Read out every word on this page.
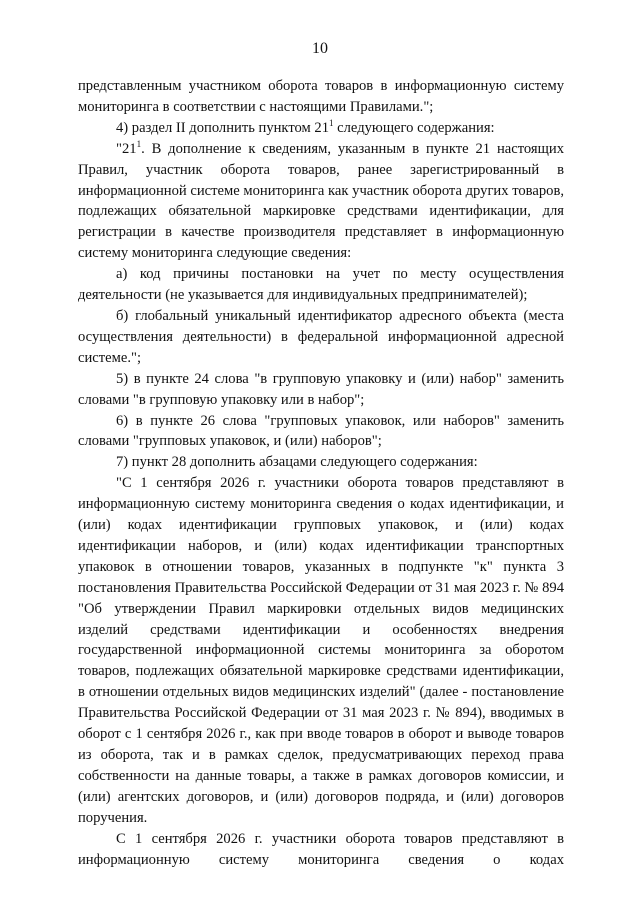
10

представленным участником оборота товаров в информационную систему мониторинга в соответствии с настоящими Правилами.";

4) раздел II дополнить пунктом $21^1$ следующего содержания:

"$21^1$. В дополнение к сведениям, указанным в пункте 21 настоящих Правил, участник оборота товаров, ранее зарегистрированный в информационной системе мониторинга как участник оборота других товаров, подлежащих обязательной маркировке средствами идентификации, для регистрации в качестве производителя представляет в информационную систему мониторинга следующие сведения:

а) код причины постановки на учет по месту осуществления деятельности (не указывается для индивидуальных предпринимателей);

б) глобальный уникальный идентификатор адресного объекта (места осуществления деятельности) в федеральной информационной адресной системе.";

5) в пункте 24 слова "в групповую упаковку и (или) набор" заменить словами "в групповую упаковку или в набор";

6) в пункте 26 слова "групповых упаковок, или наборов" заменить словами "групповых упаковок, и (или) наборов";

7) пункт 28 дополнить абзацами следующего содержания:

"С 1 сентября 2026 г. участники оборота товаров представляют в информационную систему мониторинга сведения о кодах идентификации, и (или) кодах идентификации групповых упаковок, и (или) кодах идентификации наборов, и (или) кодах идентификации транспортных упаковок в отношении товаров, указанных в подпункте "к" пункта 3 постановления Правительства Российской Федерации от 31 мая 2023 г. № 894 "Об утверждении Правил маркировки отдельных видов медицинских изделий средствами идентификации и особенностях внедрения государственной информационной системы мониторинга за оборотом товаров, подлежащих обязательной маркировке средствами идентификации, в отношении отдельных видов медицинских изделий" (далее - постановление Правительства Российской Федерации от 31 мая 2023 г. № 894), вводимых в оборот с 1 сентября 2026 г., как при вводе товаров в оборот и выводе товаров из оборота, так и в рамках сделок, предусматривающих переход права собственности на данные товары, а также в рамках договоров комиссии, и (или) агентских договоров, и (или) договоров подряда, и (или) договоров поручения.

С 1 сентября 2026 г. участники оборота товаров представляют в информационную систему мониторинга сведения о кодах
